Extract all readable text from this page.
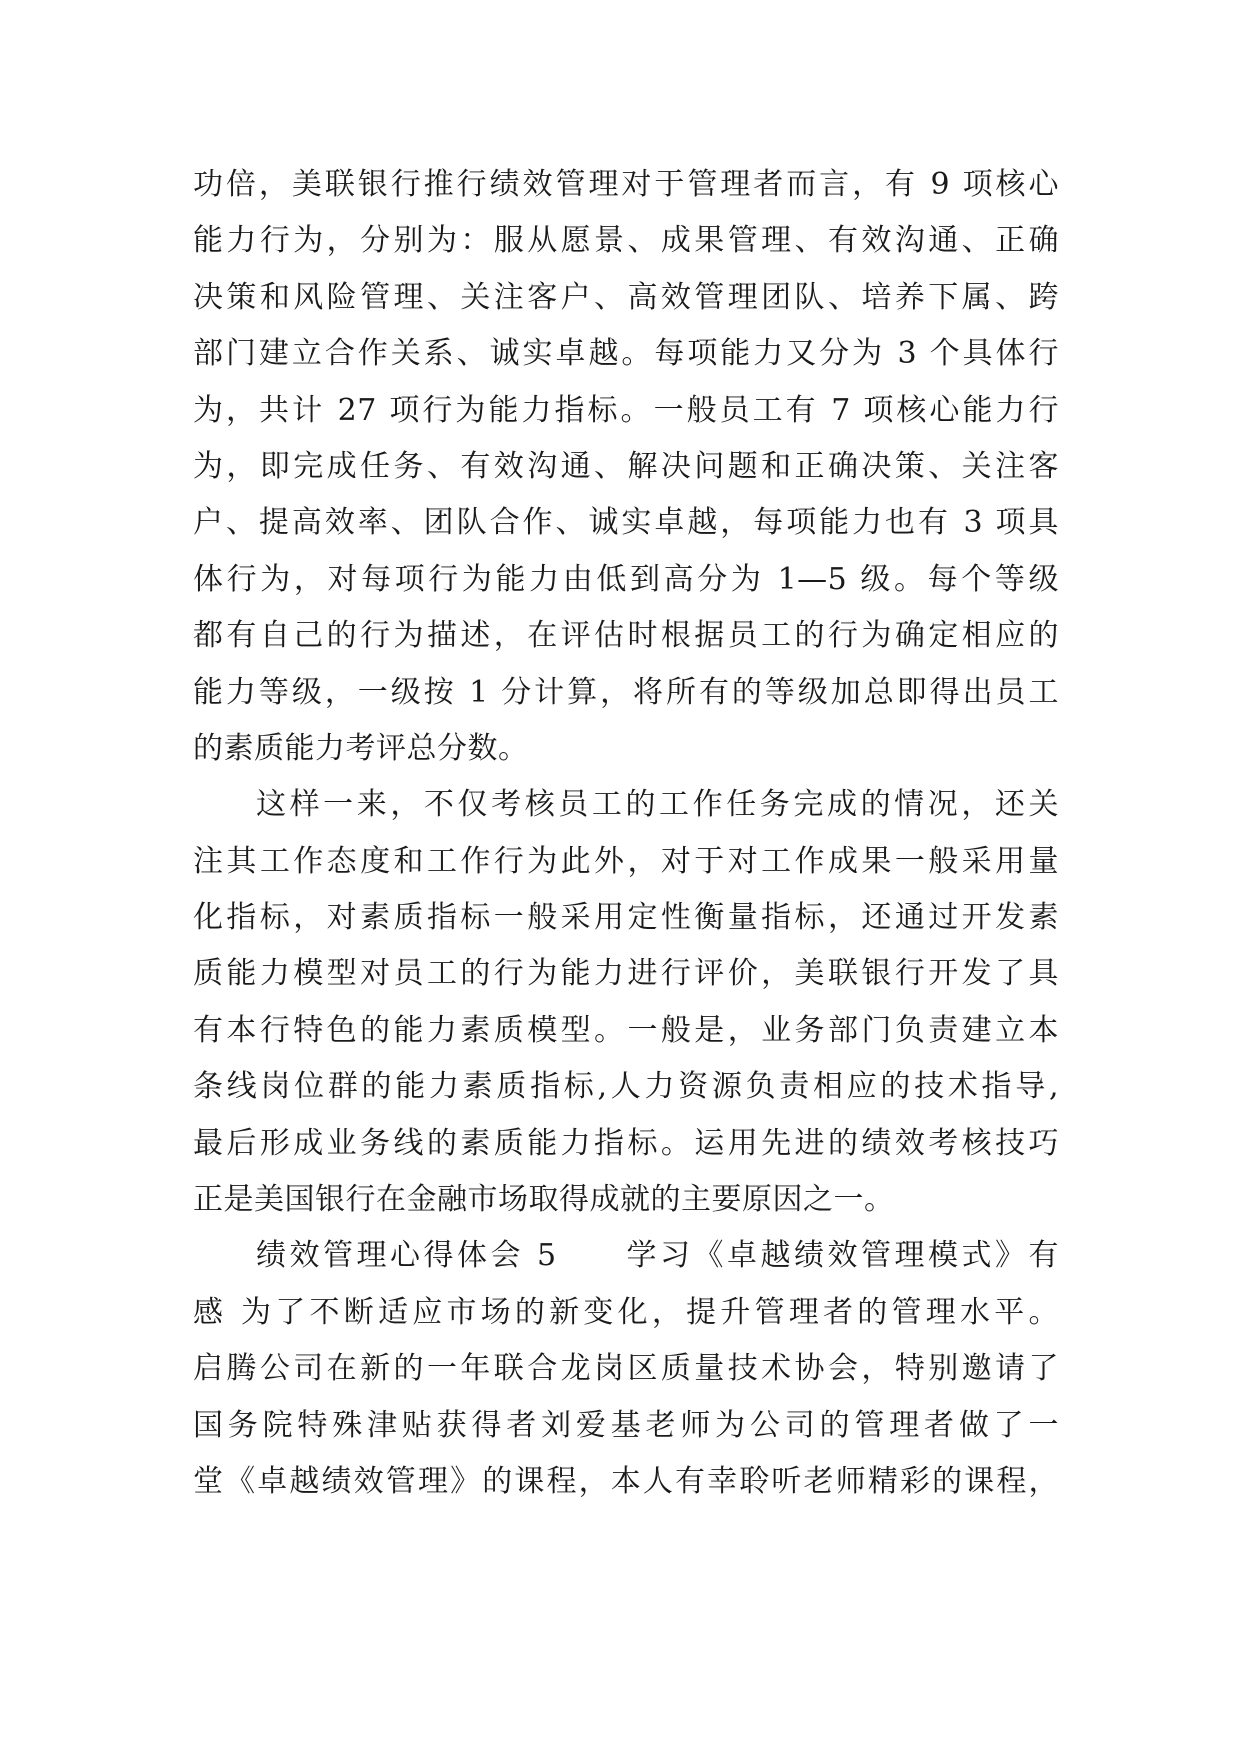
功倍，美联银行推行绩效管理对于管理者而言，有 9 项核心
能力行为，分别为：服从愿景、成果管理、有效沟通、正确
决策和风险管理、关注客户、高效管理团队、培养下属、跨
部门建立合作关系、诚实卓越。每项能力又分为 3 个具体行
为，共计 27 项行为能力指标。一般员工有 7 项核心能力行
为，即完成任务、有效沟通、解决问题和正确决策、关注客
户、提高效率、团队合作、诚实卓越，每项能力也有 3 项具
体行为，对每项行为能力由低到高分为 1—5 级。每个等级
都有自己的行为描述，在评估时根据员工的行为确定相应的
能力等级，一级按 1 分计算，将所有的等级加总即得出员工
的素质能力考评总分数。
这样一来，不仅考核员工的工作任务完成的情况，还关
注其工作态度和工作行为此外，对于对工作成果一般采用量
化指标，对素质指标一般采用定性衡量指标，还通过开发素
质能力模型对员工的行为能力进行评价，美联银行开发了具
有本行特色的能力素质模型。一般是，业务部门负责建立本
条线岗位群的能力素质指标,人力资源负责相应的技术指导,
最后形成业务线的素质能力指标。运用先进的绩效考核技巧
正是美国银行在金融市场取得成就的主要原因之一。
绩效管理心得体会 5　　学习《卓越绩效管理模式》有
感 为了不断适应市场的新变化，提升管理者的管理水平。
启腾公司在新的一年联合龙岗区质量技术协会，特别邀请了
国务院特殊津贴获得者刘爱基老师为公司的管理者做了一
堂《卓越绩效管理》的课程，本人有幸聆听老师精彩的课程，
